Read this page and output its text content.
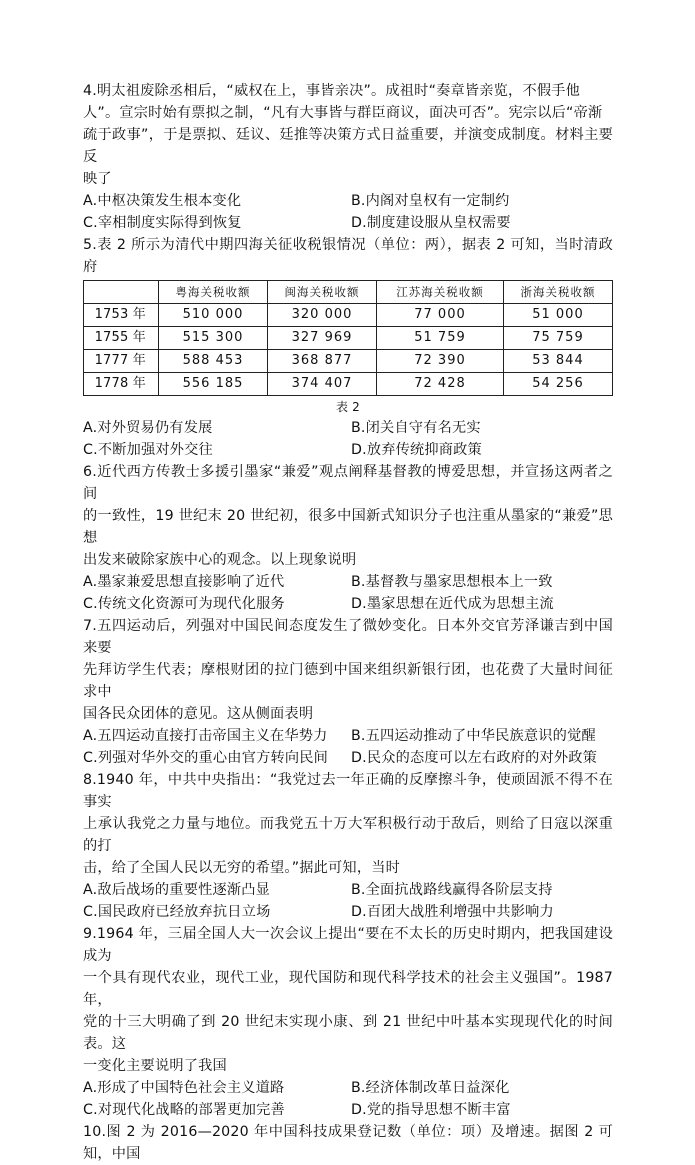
4.明太祖废除丞相后，“威权在上，事皆亲决”。成祖时“奏章皆亲览，不假手他

人”。宣宗时始有票拟之制，“凡有大事皆与群臣商议，面决可否”。宪宗以后“帝渐

疏于政事”，于是票拟、廷议、廷推等决策方式日益重要，并演变成制度。材料主要反

映了

A.中枢决策发生根本变化	B.内阁对皇权有一定制约
C.宰相制度实际得到恢复	D.制度建设服从皇权需要

5.表 2 所示为清代中期四海关征收税银情况（单位：两），据表 2 可知，当时清政府

	粤海关税收额	闽海关税收额	江苏海关税收额	浙海关税收额
1753 年	510 000	320 000	77 000	51 000
1755 年	515 300	327 969	51 759	75 759
1777 年	588 453	368 877	72 390	53 844
1778 年	556 185	374 407	72 428	54 256
表 2
A.对外贸易仍有发展	B.闭关自守有名无实
C.不断加强对外交往	D.放弃传统抑商政策

6.近代西方传教士多援引墨家“兼爱”观点阐释基督教的博爱思想，并宣扬这两者之间

的一致性，19 世纪末 20 世纪初，很多中国新式知识分子也注重从墨家的“兼爱”思想

出发来破除家族中心的观念。以上现象说明

A.墨家兼爱思想直接影响了近代	B.基督教与墨家思想根本上一致
C.传统文化资源可为现代化服务	D.墨家思想在近代成为思想主流

7.五四运动后，列强对中国民间态度发生了微妙变化。日本外交官芳泽谦吉到中国来要

先拜访学生代表；摩根财团的拉门德到中国来组织新银行团，也花费了大量时间征求中

国各民众团体的意见。这从侧面表明

A.五四运动直接打击帝国主义在华势力	B.五四运动推动了中华民族意识的觉醒
C.列强对华外交的重心由官方转向民间	D.民众的态度可以左右政府的对外政策

8.1940 年，中共中央指出：“我党过去一年正确的反摩擦斗争，使顽固派不得不在事实

上承认我党之力量与地位。而我党五十万大军积极行动于敌后，则给了日寇以深重的打

击，给了全国人民以无穷的希望。”据此可知，当时

A.敌后战场的重要性逐渐凸显	B.全面抗战路线赢得各阶层支持
C.国民政府已经放弃抗日立场	D.百团大战胜利增强中共影响力

9.1964 年，三届全国人大一次会议上提出“要在不太长的历史时期内，把我国建设成为

一个具有现代农业，现代工业，现代国防和现代科学技术的社会主义强国”。1987 年，

党的十三大明确了到 20 世纪末实现小康、到 21 世纪中叶基本实现现代化的时间表。这

一变化主要说明了我国

A.形成了中国特色社会主义道路	B.经济体制改革日益深化
C.对现代化战略的部署更加完善	D.党的指导思想不断丰富

10.图 2 为 2016—2020 年中国科技成果登记数（单位：项）及增速。据图 2 可知，中国
